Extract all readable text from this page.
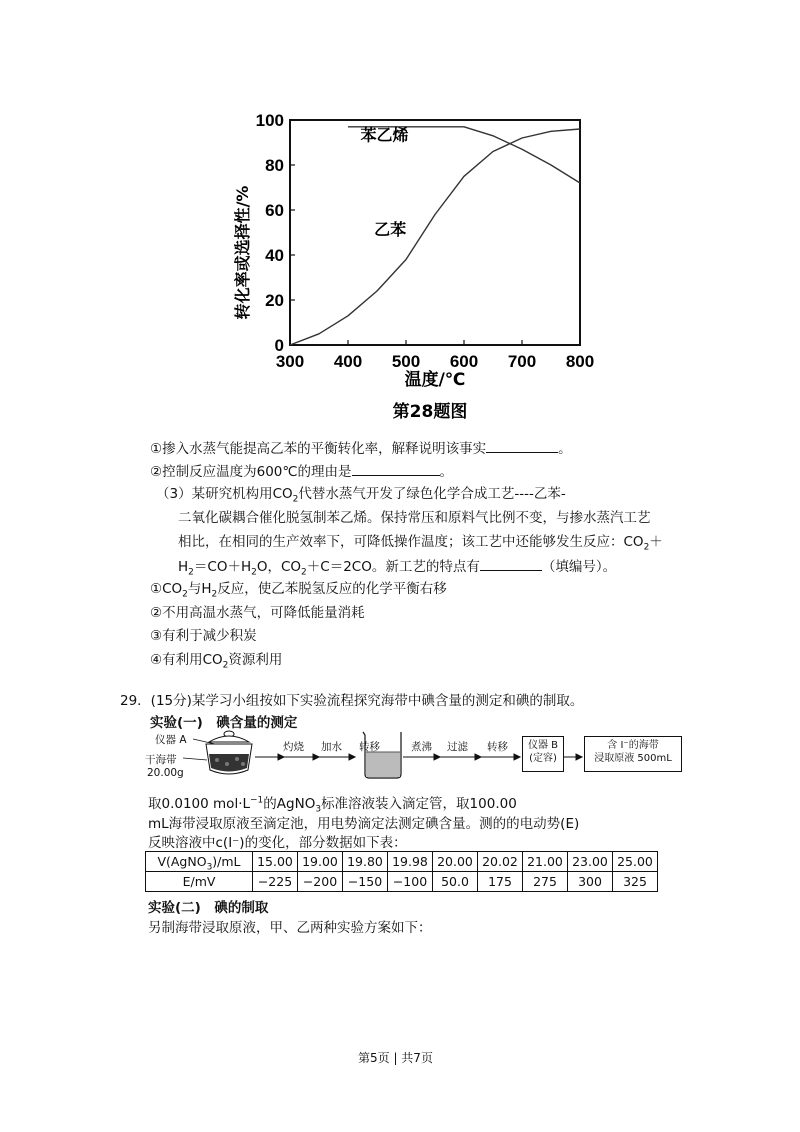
300 400 500 600 700 800
0
20
40
60
80
100
苯乙烯
乙苯
温度/℃
转化率或选择性/%
第28题图
①掺入水蒸气能提高乙苯的平衡转化率，解释说明该事实	。
②控制反应温度为600℃的理由是	。
（3）某研究机构用$CO_2$代替水蒸气开发了绿色化学合成工艺----乙苯-
二氧化碳耦合催化脱氢制苯乙烯。保持常压和原料气比例不变，与掺水蒸汽工艺
相比，在相同的生产效率下，可降低操作温度；该工艺中还能够发生反应：$CO_2+$
$H_2=CO+H_2O$，$CO_2+C=2CO$。新工艺的特点有	（填编号）。
$①CO_2$与$H_2$反应，使乙苯脱氢反应的化学平衡右移
②不用高温水蒸气，可降低能量消耗
③有利于减少积炭
④有利用$CO_2$资源利用
29．(15分)某学习小组按如下实验流程探究海带中碘含量的测定和碘的制取。
实验(一)　碘含量的测定
仪器 A
干海带
20.00g
灼烧 加水 转移	煮沸 过滤 转移	仪器 B
(定容)
含 I⁻的海带
浸取原液 500mL
取0.0100 $mol\cdot L^{-1}$的AgNO$_3$标准溶液装入滴定管，取100.00
mL海带浸取原液至滴定池，用电势滴定法测定碘含量。测的的电动势(E)
反映溶液中c(I⁻)的变化，部分数据如下表：
V(AgNO$_3$)/mL	15.00	19.00	19.80	19.98	20.00	20.02	21.00	23.00	25.00
E/mV	−225	−200	−150	−100	50.0	175	275	300	325
实验(二)　碘的制取
另制海带浸取原液，甲、乙两种实验方案如下：
第5页 | 共7页
